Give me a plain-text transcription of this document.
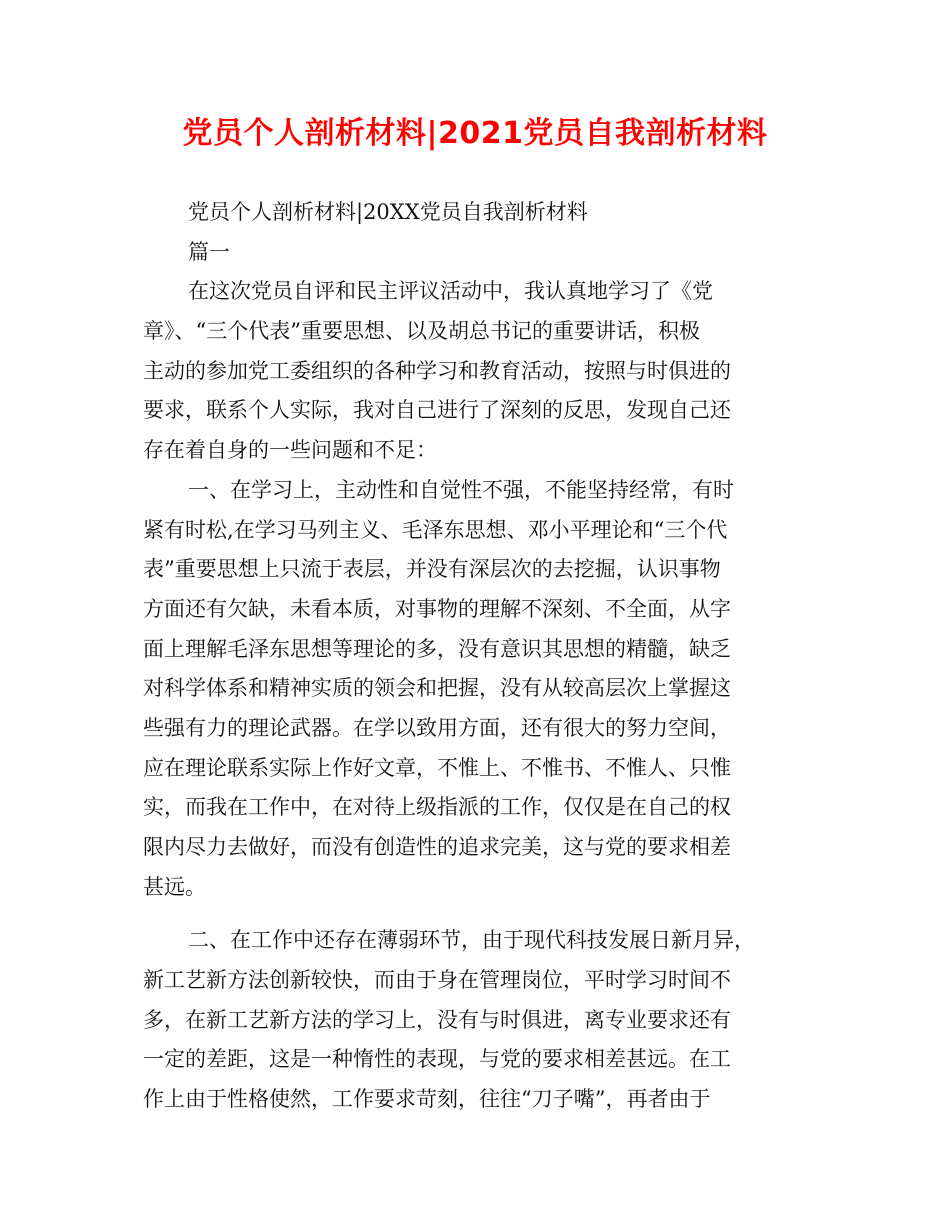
党员个人剖析材料|2021党员自我剖析材料
党员个人剖析材料|20XX党员自我剖析材料
篇一
在这次党员自评和民主评议活动中，我认真地学习了《党
章》、“三个代表”重要思想、以及胡总书记的重要讲话，积极
主动的参加党工委组织的各种学习和教育活动，按照与时俱进的
要求，联系个人实际，我对自己进行了深刻的反思，发现自己还
存在着自身的一些问题和不足：
一、在学习上，主动性和自觉性不强，不能坚持经常，有时
紧有时松,在学习马列主义、毛泽东思想、邓小平理论和“三个代
表”重要思想上只流于表层，并没有深层次的去挖掘，认识事物
方面还有欠缺，未看本质，对事物的理解不深刻、不全面，从字
面上理解毛泽东思想等理论的多，没有意识其思想的精髓，缺乏
对科学体系和精神实质的领会和把握，没有从较高层次上掌握这
些强有力的理论武器。在学以致用方面，还有很大的努力空间，
应在理论联系实际上作好文章，不惟上、不惟书、不惟人、只惟
实，而我在工作中，在对待上级指派的工作，仅仅是在自己的权
限内尽力去做好，而没有创造性的追求完美，这与党的要求相差
甚远。
二、在工作中还存在薄弱环节，由于现代科技发展日新月异，
新工艺新方法创新较快，而由于身在管理岗位，平时学习时间不
多，在新工艺新方法的学习上，没有与时俱进，离专业要求还有
一定的差距，这是一种惰性的表现，与党的要求相差甚远。在工
作上由于性格使然，工作要求苛刻，往往“刀子嘴”，再者由于
